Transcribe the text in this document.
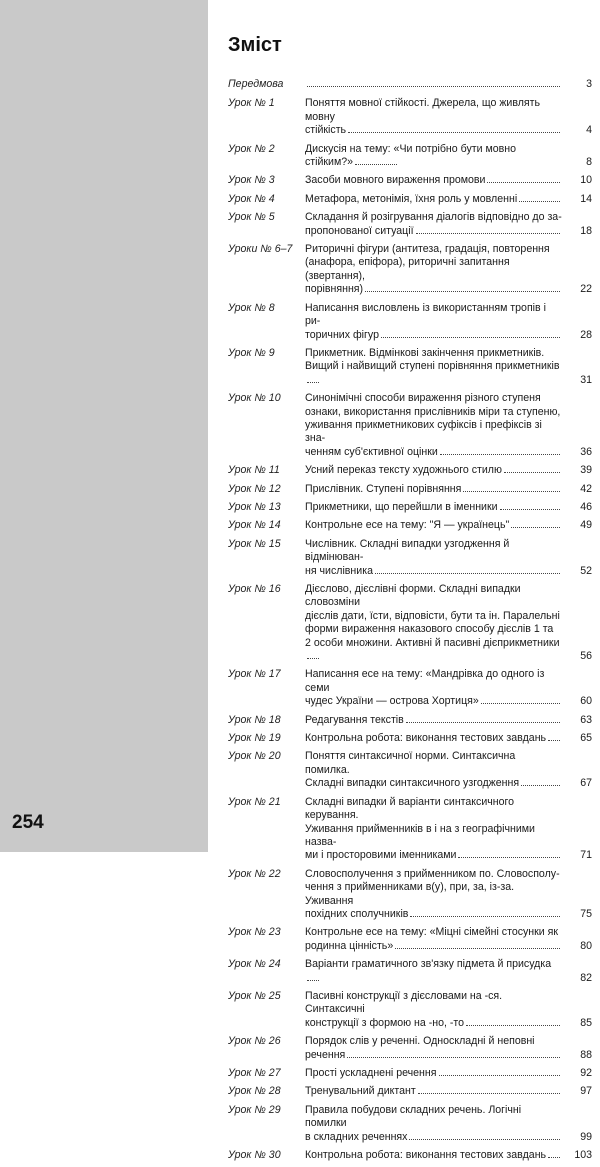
254
Зміст
Передмова	3
Урок № 1	Поняття мовної стійкості. Джерела, що живлять мовну
стійкість	4
Урок № 2	Дискусія на тему: «Чи потрібно бути мовно стійким?»	8
Урок № 3	Засоби мовного вираження промови	10
Урок № 4	Метафора, метонімія, їхня роль у мовленні	14
Урок № 5	Складання й розігрування діалогів відповідно до за-
пропонованої ситуації	18
Уроки № 6–7	Риторичні фігури (антитеза, градація, повторення
(анафора, епіфора), риторичні запитання (звертання),
порівняння)	22
Урок № 8	Написання висловлень із використанням тропів і ри-
торичних фігур	28
Урок № 9	Прикметник. Відмінкові закінчення прикметників.
Вищий і найвищий ступені порівняння прикметників
31
Урок № 10	Синонімічні способи вираження різного ступеня
ознаки, використання прислівників міри та ступеню,
уживання прикметникових суфіксів і префіксів зі зна-
ченням суб'єктивної оцінки	36
Урок № 11	Усний переказ тексту художнього стилю	39
Урок № 12	Прислівник. Ступені порівняння	42
Урок № 13	Прикметники, що перейшли в іменники	46
Урок № 14	Контрольне есе на тему: "Я — українець"	49
Урок № 15	Числівник. Складні випадки узгодження й відмінюван-
ня числівника	52
Урок № 16	Дієслово, дієслівні форми. Складні випадки словозміни
дієслів дати, їсти, відповісти, бути та ін. Паралельні
форми вираження наказового способу дієслів 1 та
2 особи множини. Активні й пасивні дієприкметники
56
Урок № 17	Написання есе на тему: «Мандрівка до одного із семи
чудес України — острова Хортиця»	60
Урок № 18	Редагування текстів	63
Урок № 19	Контрольна робота: виконання тестових завдань	65
Урок № 20	Поняття синтаксичної норми. Синтаксична помилка.
Складні випадки синтаксичного узгодження	67
Урок № 21	Складні випадки й варіанти синтаксичного керування.
Уживання прийменників в і на з географічними назва-
ми і просторовими іменниками	71
Урок № 22	Словосполучення з прийменником по. Словосполу-
чення з прийменниками в(у), при, за, із-за. Уживання
похідних сполучників	75
Урок № 23	Контрольне есе на тему: «Міцні сімейні стосунки як
родинна цінність»	80
Урок № 24	Варіанти граматичного зв'язку підмета й присудка
82
Урок № 25	Пасивні конструкції з дієсловами на -ся. Синтаксичні
конструкції з формою на -но, -то	85
Урок № 26	Порядок слів у реченні. Односкладні й неповні
речення	88
Урок № 27	Прості ускладнені речення	92
Урок № 28	Тренувальний диктант	97
Урок № 29	Правила побудови складних речень. Логічні помилки
в складних реченнях	99
Урок № 30	Контрольна робота: виконання тестових завдань	103
